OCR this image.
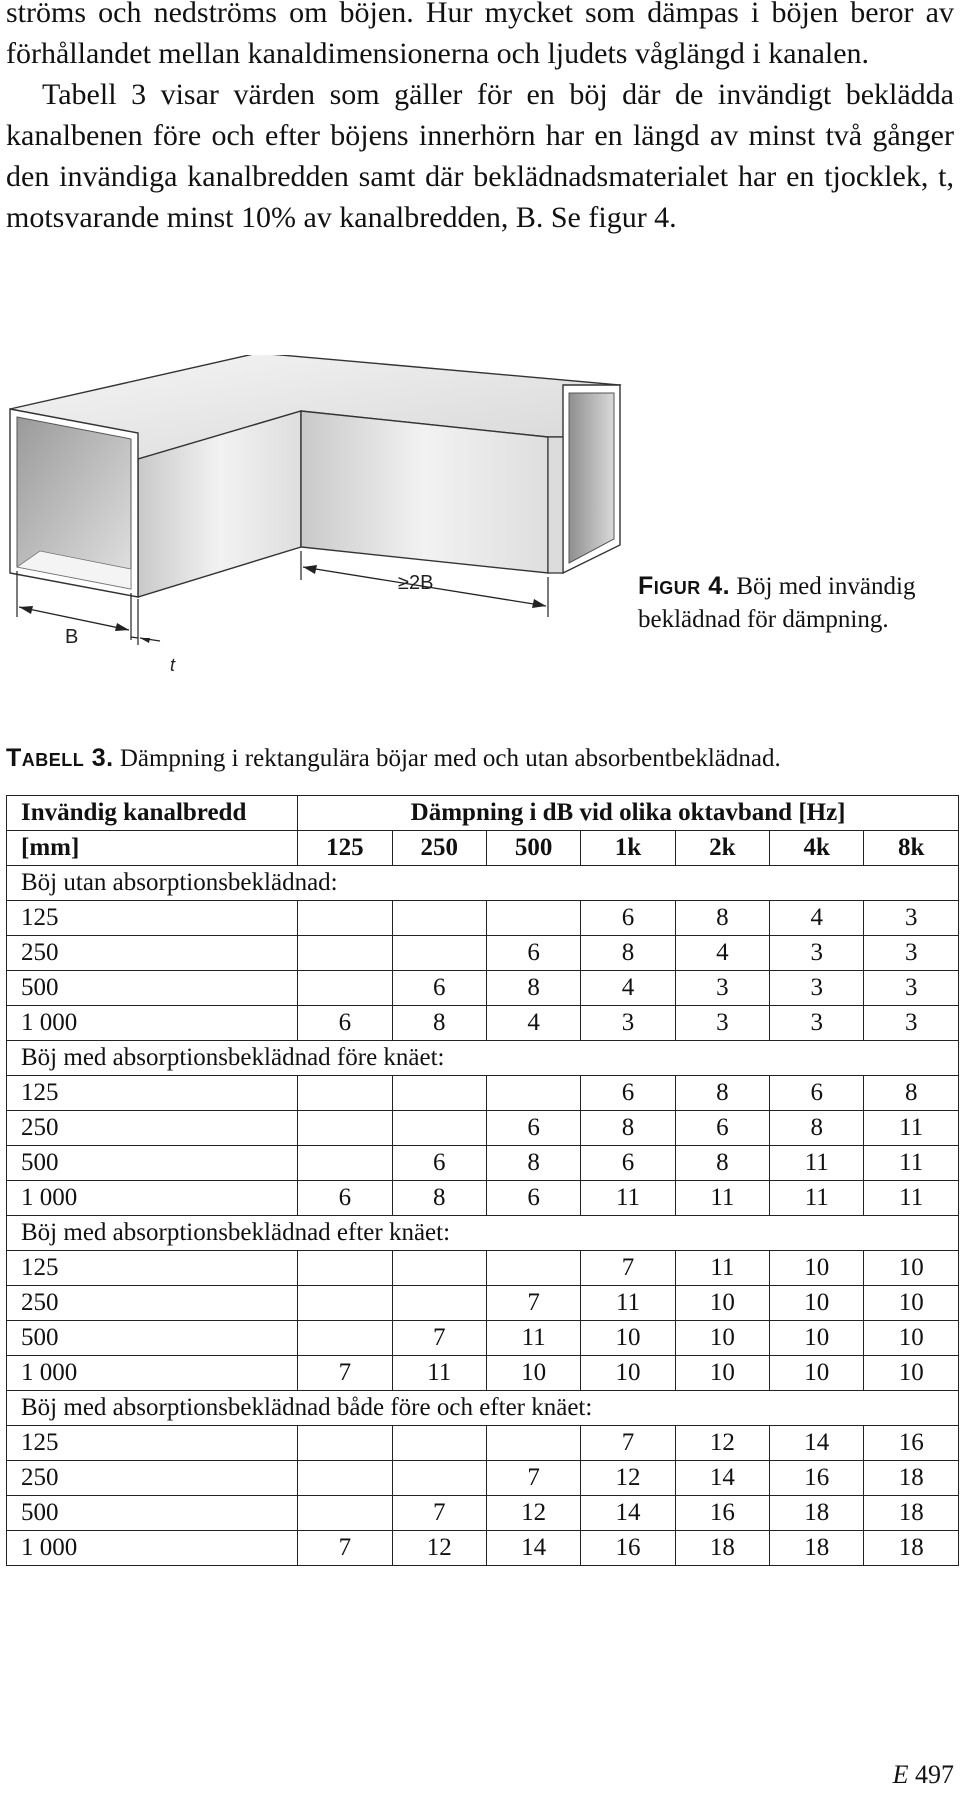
ströms och nedströms om böjen. Hur mycket som dämpas i böjen beror av förhållandet mellan kanaldimensionerna och ljudets våglängd i kanalen.

Tabell 3 visar värden som gäller för en böj där de invändigt beklädda kanalbenen före och efter böjens innerhörn har en längd av minst två gånger den invändiga kanalbredden samt där beklädnadsmaterialet har en tjocklek, t, motsvarande minst 10% av kanalbredden, B. Se figur 4.

≥2B
B
t
Figur 4. Böj med invändig beklädnad för dämpning.
Tabell 3. Dämpning i rektangulära böjar med och utan absorbentbeklädnad.
Invändig kanalbredd	Dämpning i dB vid olika oktavband [Hz]						
[mm]	125	250	500	1k	2k	4k	8k
Böj utan absorptionsbeklädnad:							
125				6	8	4	3
250			6	8	4	3	3
500		6	8	4	3	3	3
1 000	6	8	4	3	3	3	3
Böj med absorptionsbeklädnad före knäet:							
125				6	8	6	8
250			6	8	6	8	11
500		6	8	6	8	11	11
1 000	6	8	6	11	11	11	11
Böj med absorptionsbeklädnad efter knäet:							
125				7	11	10	10
250			7	11	10	10	10
500		7	11	10	10	10	10
1 000	7	11	10	10	10	10	10
Böj med absorptionsbeklädnad både före och efter knäet:							
125				7	12	14	16
250			7	12	14	16	18
500		7	12	14	16	18	18
1 000	7	12	14	16	18	18	18
E 497
